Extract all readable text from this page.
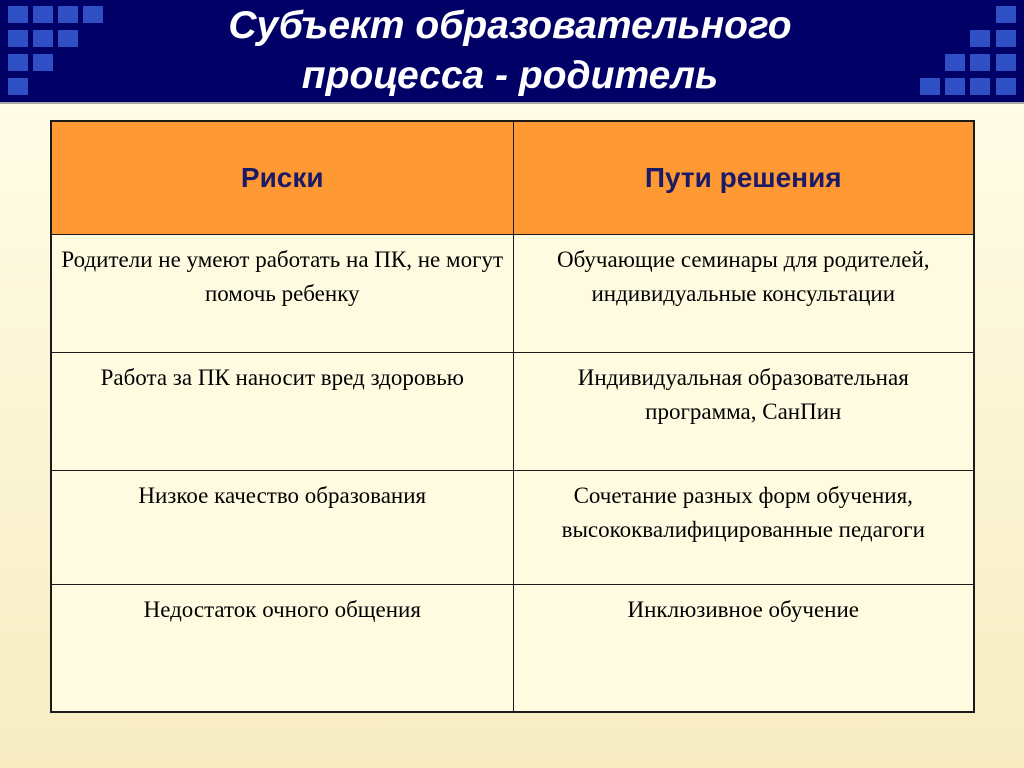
Субъект образовательного
процесса - родитель
Риски	Пути решения
Родители не умеют работать на ПК, не могут помочь ребенку	Обучающие семинары для родителей, индивидуальные консультации
Работа за ПК наносит вред здоровью	Индивидуальная образовательная программа, СанПин
Низкое качество образования	Сочетание разных форм обучения, высококвалифицированные педагоги
Недостаток очного общения	Инклюзивное обучение
